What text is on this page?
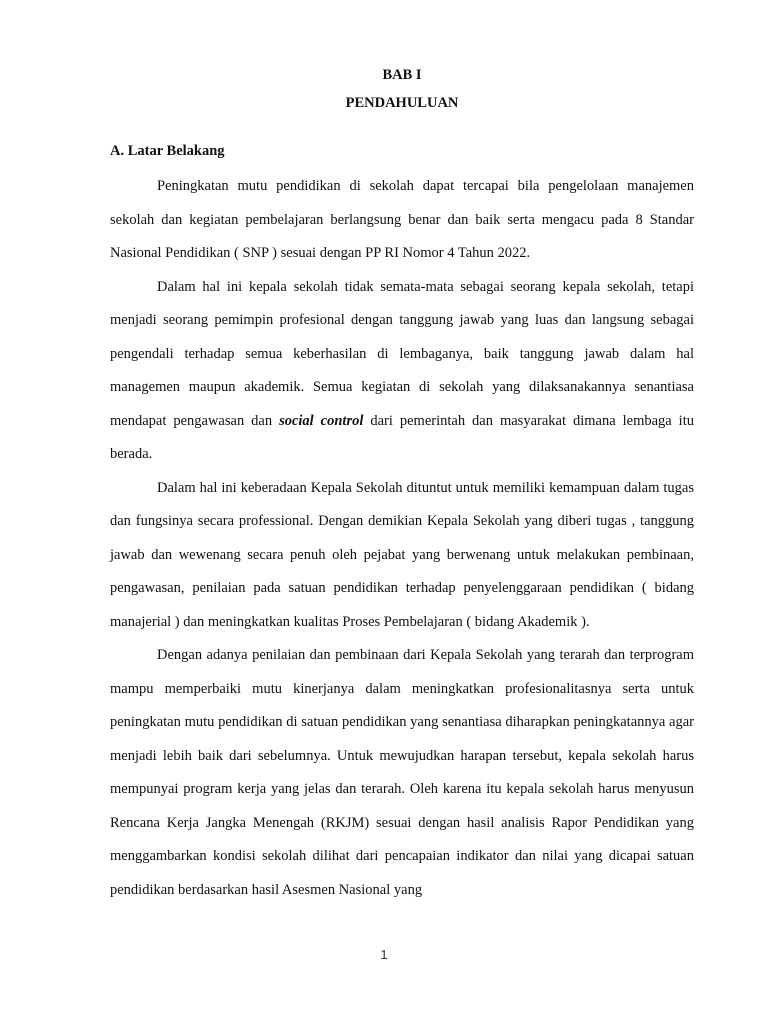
BAB I

PENDAHULUAN

A. Latar Belakang

Peningkatan mutu pendidikan di sekolah dapat tercapai bila pengelolaan manajemen sekolah dan kegiatan pembelajaran berlangsung benar dan baik serta mengacu pada 8 Standar Nasional Pendidikan ( SNP ) sesuai dengan PP RI Nomor 4 Tahun 2022.

Dalam hal ini kepala sekolah tidak semata-mata sebagai seorang kepala sekolah, tetapi menjadi seorang pemimpin profesional dengan tanggung jawab yang luas dan langsung sebagai pengendali terhadap semua keberhasilan di lembaganya, baik tanggung jawab dalam hal managemen maupun akademik. Semua kegiatan di sekolah yang dilaksanakannya senantiasa mendapat pengawasan dan social control dari pemerintah dan masyarakat dimana lembaga itu berada.

Dalam hal ini keberadaan Kepala Sekolah dituntut untuk memiliki kemampuan dalam tugas dan fungsinya secara professional. Dengan demikian Kepala Sekolah yang diberi tugas , tanggung jawab dan wewenang secara penuh oleh pejabat yang berwenang untuk melakukan pembinaan, pengawasan, penilaian pada satuan pendidikan terhadap penyelenggaraan pendidikan ( bidang manajerial ) dan meningkatkan kualitas Proses Pembelajaran ( bidang Akademik ).

Dengan adanya penilaian dan pembinaan dari Kepala Sekolah yang terarah dan terprogram mampu memperbaiki mutu kinerjanya dalam meningkatkan profesionalitasnya serta untuk peningkatan mutu pendidikan di satuan pendidikan yang senantiasa diharapkan peningkatannya agar menjadi lebih baik dari sebelumnya. Untuk mewujudkan harapan tersebut, kepala sekolah harus mempunyai program kerja yang jelas dan terarah. Oleh karena itu kepala sekolah harus menyusun Rencana Kerja Jangka Menengah (RKJM) sesuai dengan hasil analisis Rapor Pendidikan yang menggambarkan kondisi sekolah dilihat dari pencapaian indikator dan nilai yang dicapai satuan pendidikan berdasarkan hasil Asesmen Nasional yang

1
